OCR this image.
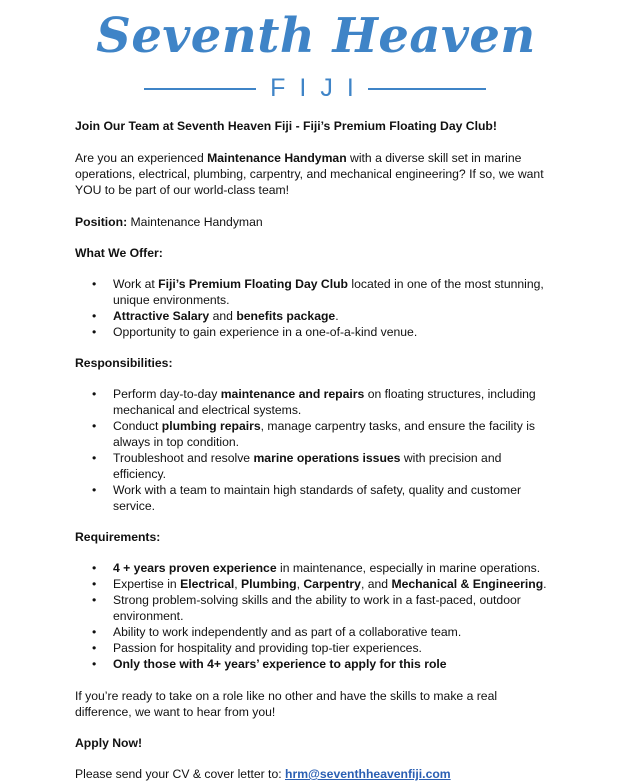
Seventh Heaven
FIJI

Join Our Team at Seventh Heaven Fiji - Fiji’s Premium Floating Day Club!

Are you an experienced Maintenance Handyman with a diverse skill set in marine operations, electrical, plumbing, carpentry, and mechanical engineering? If so, we want YOU to be part of our world-class team!

Position: Maintenance Handyman

What We Offer:

• Work at Fiji’s Premium Floating Day Club located in one of the most stunning, unique environments.
• Attractive Salary and benefits package.
• Opportunity to gain experience in a one-of-a-kind venue.

Responsibilities:

• Perform day-to-day maintenance and repairs on floating structures, including mechanical and electrical systems.
• Conduct plumbing repairs, manage carpentry tasks, and ensure the facility is always in top condition.
• Troubleshoot and resolve marine operations issues with precision and efficiency.
• Work with a team to maintain high standards of safety, quality and customer service.

Requirements:

• 4 + years proven experience in maintenance, especially in marine operations.
• Expertise in Electrical, Plumbing, Carpentry, and Mechanical & Engineering.
• Strong problem-solving skills and the ability to work in a fast-paced, outdoor environment.
• Ability to work independently and as part of a collaborative team.
• Passion for hospitality and providing top-tier experiences.
• Only those with 4+ years’ experience to apply for this role

If you’re ready to take on a role like no other and have the skills to make a real difference, we want to hear from you!

Apply Now!

Please send your CV & cover letter to: hrm@seventhheavenfiji.com
